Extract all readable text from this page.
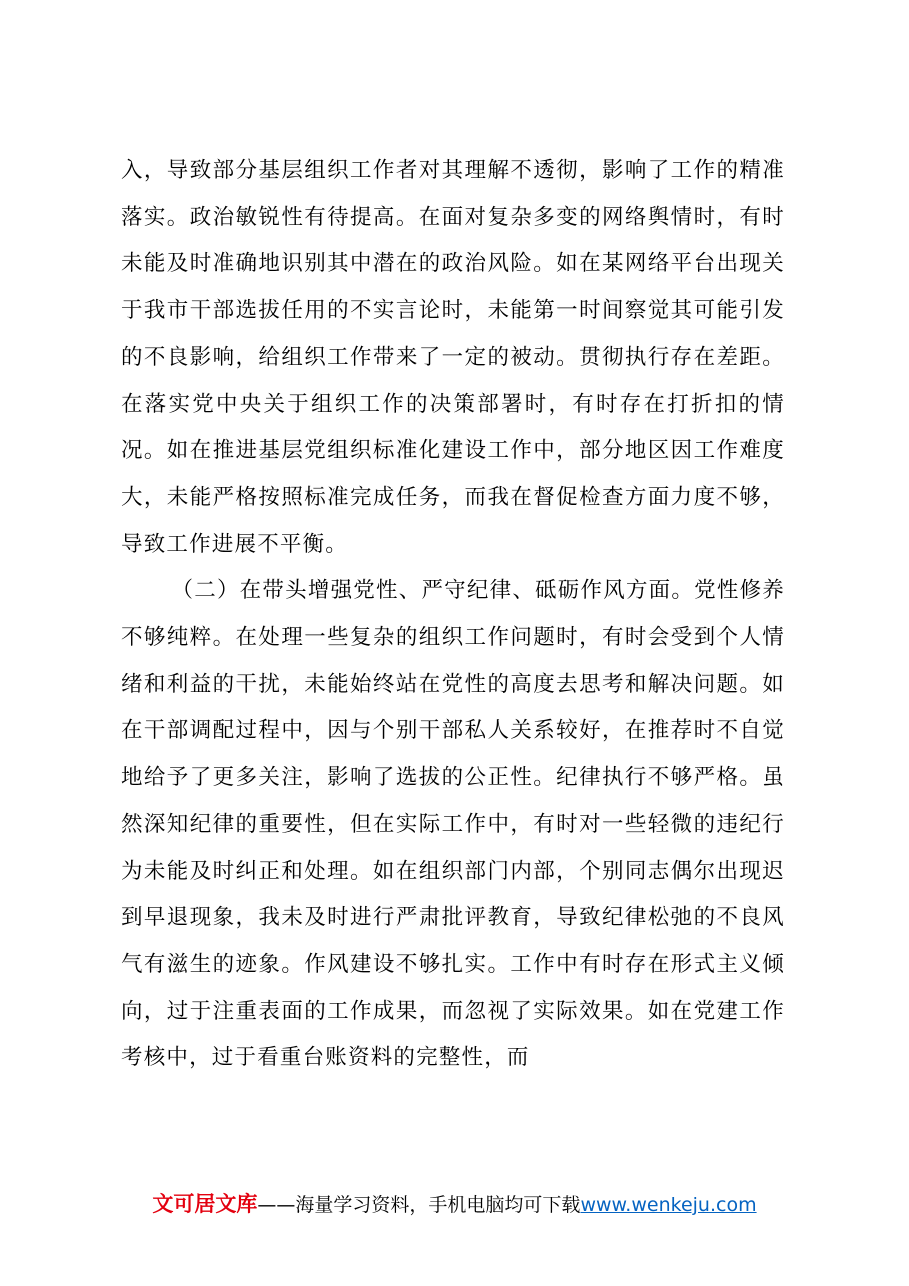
入，导致部分基层组织工作者对其理解不透彻，影响了工作的精准落实。政治敏锐性有待提高。在面对复杂多变的网络舆情时，有时未能及时准确地识别其中潜在的政治风险。如在某网络平台出现关于我市干部选拔任用的不实言论时，未能第一时间察觉其可能引发的不良影响，给组织工作带来了一定的被动。贯彻执行存在差距。在落实党中央关于组织工作的决策部署时，有时存在打折扣的情况。如在推进基层党组织标准化建设工作中，部分地区因工作难度大，未能严格按照标准完成任务，而我在督促检查方面力度不够，导致工作进展不平衡。

（二）在带头增强党性、严守纪律、砥砺作风方面。党性修养不够纯粹。在处理一些复杂的组织工作问题时，有时会受到个人情绪和利益的干扰，未能始终站在党性的高度去思考和解决问题。如在干部调配过程中，因与个别干部私人关系较好，在推荐时不自觉地给予了更多关注，影响了选拔的公正性。纪律执行不够严格。虽然深知纪律的重要性，但在实际工作中，有时对一些轻微的违纪行为未能及时纠正和处理。如在组织部门内部，个别同志偶尔出现迟到早退现象，我未及时进行严肃批评教育，导致纪律松弛的不良风气有滋生的迹象。作风建设不够扎实。工作中有时存在形式主义倾向，过于注重表面的工作成果，而忽视了实际效果。如在党建工作考核中，过于看重台账资料的完整性，而

文可居文库——海量学习资料，手机电脑均可下载www.wenkeju.com
